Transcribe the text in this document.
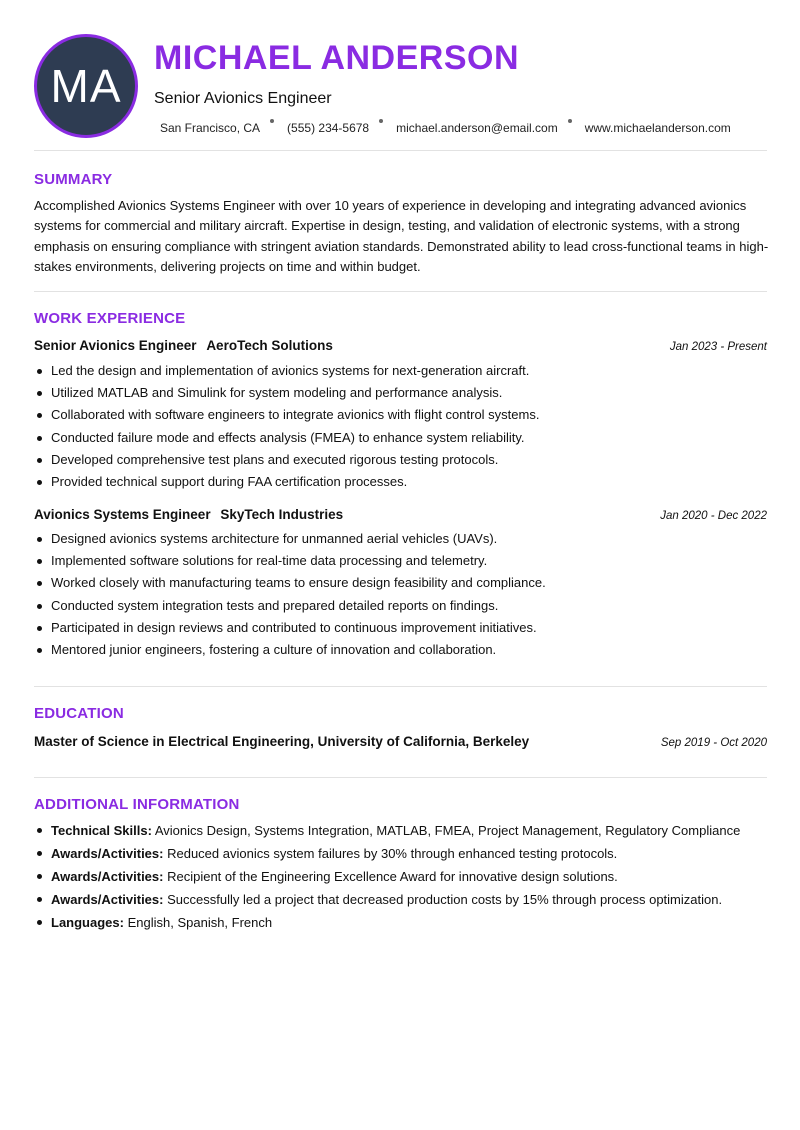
MA
MICHAEL ANDERSON
Senior Avionics Engineer
San Francisco, CA (555) 234-5678 michael.anderson@email.com www.michaelanderson.com
SUMMARY
Accomplished Avionics Systems Engineer with over 10 years of experience in developing and integrating advanced avionics systems for commercial and military aircraft. Expertise in design, testing, and validation of electronic systems, with a strong emphasis on ensuring compliance with stringent aviation standards. Demonstrated ability to lead cross-functional teams in high-stakes environments, delivering projects on time and within budget.
WORK EXPERIENCE
Senior Avionics Engineer AeroTech Solutions	Jan 2023 - Present
Led the design and implementation of avionics systems for next-generation aircraft.
Utilized MATLAB and Simulink for system modeling and performance analysis.
Collaborated with software engineers to integrate avionics with flight control systems.
Conducted failure mode and effects analysis (FMEA) to enhance system reliability.
Developed comprehensive test plans and executed rigorous testing protocols.
Provided technical support during FAA certification processes.
Avionics Systems Engineer SkyTech Industries	Jan 2020 - Dec 2022
Designed avionics systems architecture for unmanned aerial vehicles (UAVs).
Implemented software solutions for real-time data processing and telemetry.
Worked closely with manufacturing teams to ensure design feasibility and compliance.
Conducted system integration tests and prepared detailed reports on findings.
Participated in design reviews and contributed to continuous improvement initiatives.
Mentored junior engineers, fostering a culture of innovation and collaboration.
EDUCATION
Master of Science in Electrical Engineering, University of California, Berkeley	Sep 2019 - Oct 2020
ADDITIONAL INFORMATION
Technical Skills: Avionics Design, Systems Integration, MATLAB, FMEA, Project Management, Regulatory Compliance
Awards/Activities: Reduced avionics system failures by 30% through enhanced testing protocols.
Awards/Activities: Recipient of the Engineering Excellence Award for innovative design solutions.
Awards/Activities: Successfully led a project that decreased production costs by 15% through process optimization.
Languages: English, Spanish, French
